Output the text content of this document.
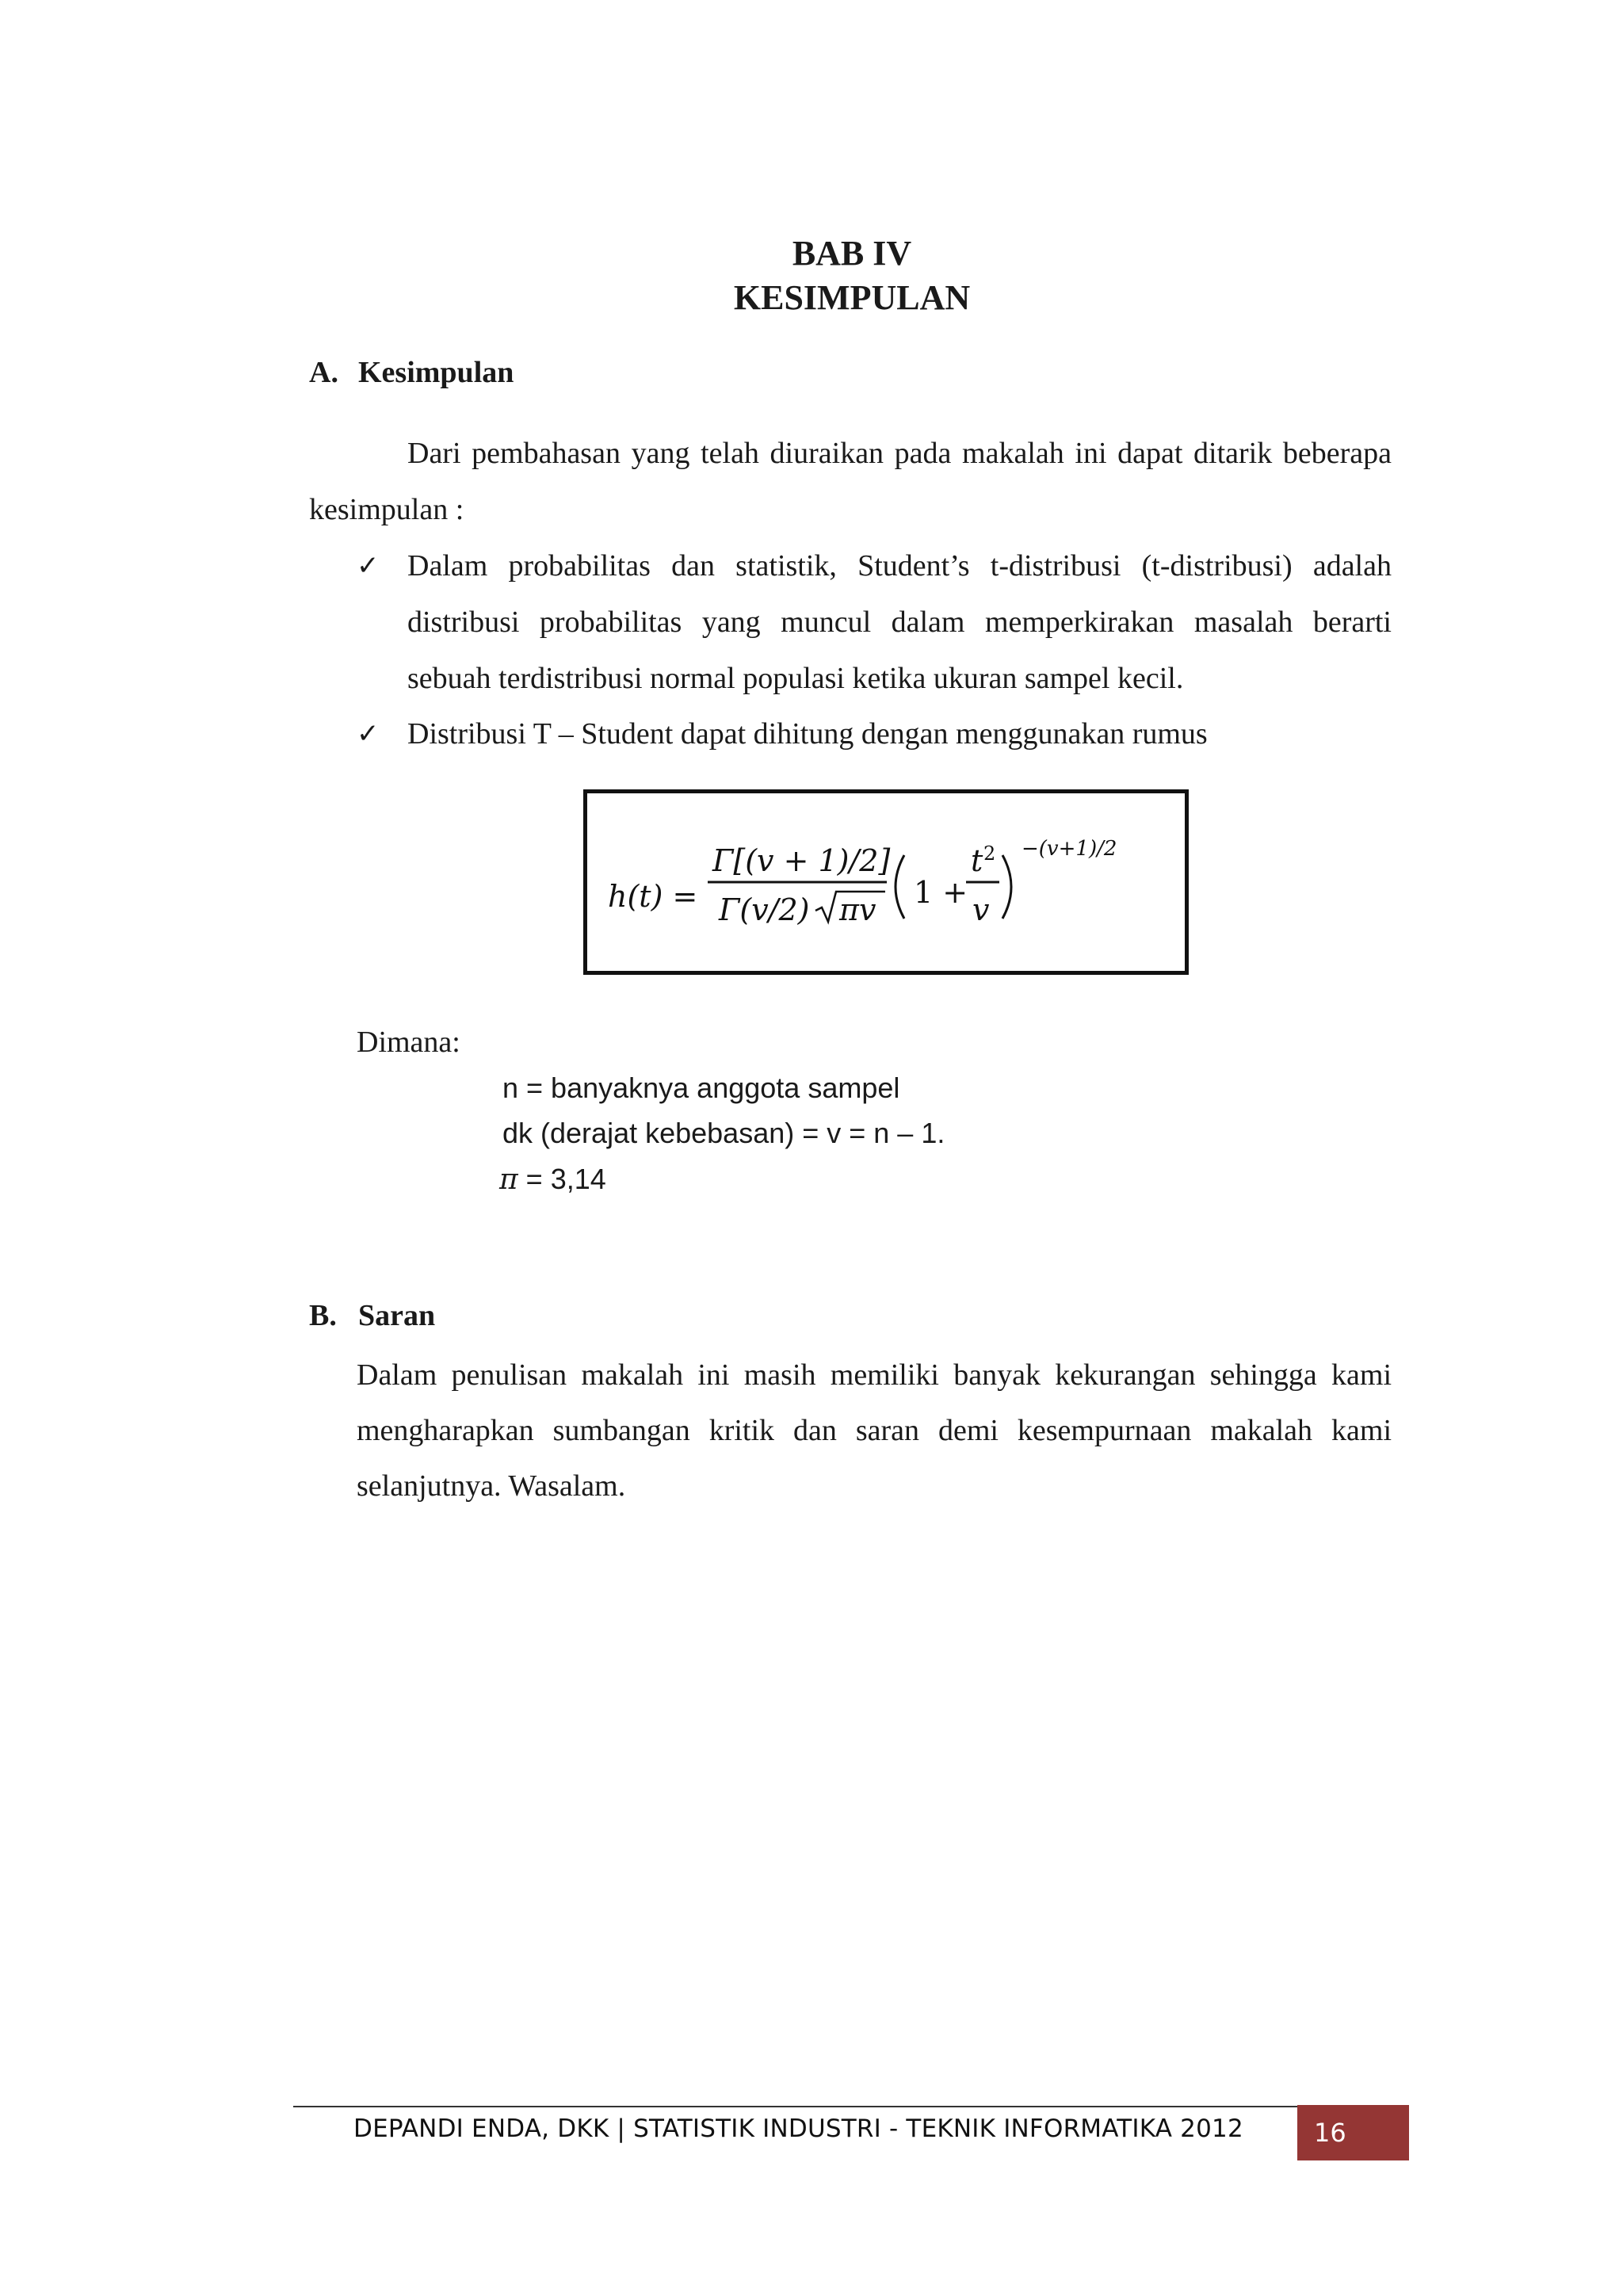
BAB IV
KESIMPULAN
A. Kesimpulan
Dari pembahasan yang telah diuraikan pada makalah ini dapat ditarik beberapa kesimpulan :
✓ Dalam probabilitas dan statistik, Student’s t-distribusi (t-distribusi) adalah distribusi probabilitas yang muncul dalam memperkirakan masalah berarti sebuah terdistribusi normal populasi ketika ukuran sampel kecil.
✓ Distribusi T – Student dapat dihitung dengan menggunakan rumus
h(t) =
Γ[(v + 1)/2]
Γ(v/2) πv 1 +
t 2
v
−(v+1)/2
Dimana:
n = banyaknya anggota sampel
dk (derajat kebebasan) = v = n – 1.
π = 3,14
B. Saran
Dalam penulisan makalah ini masih memiliki banyak kekurangan sehingga kami mengharapkan sumbangan kritik dan saran demi kesempurnaan makalah kami selanjutnya. Wasalam.
DEPANDI ENDA, DKK | STATISTIK INDUSTRI - TEKNIK INFORMATIKA 2012	16
